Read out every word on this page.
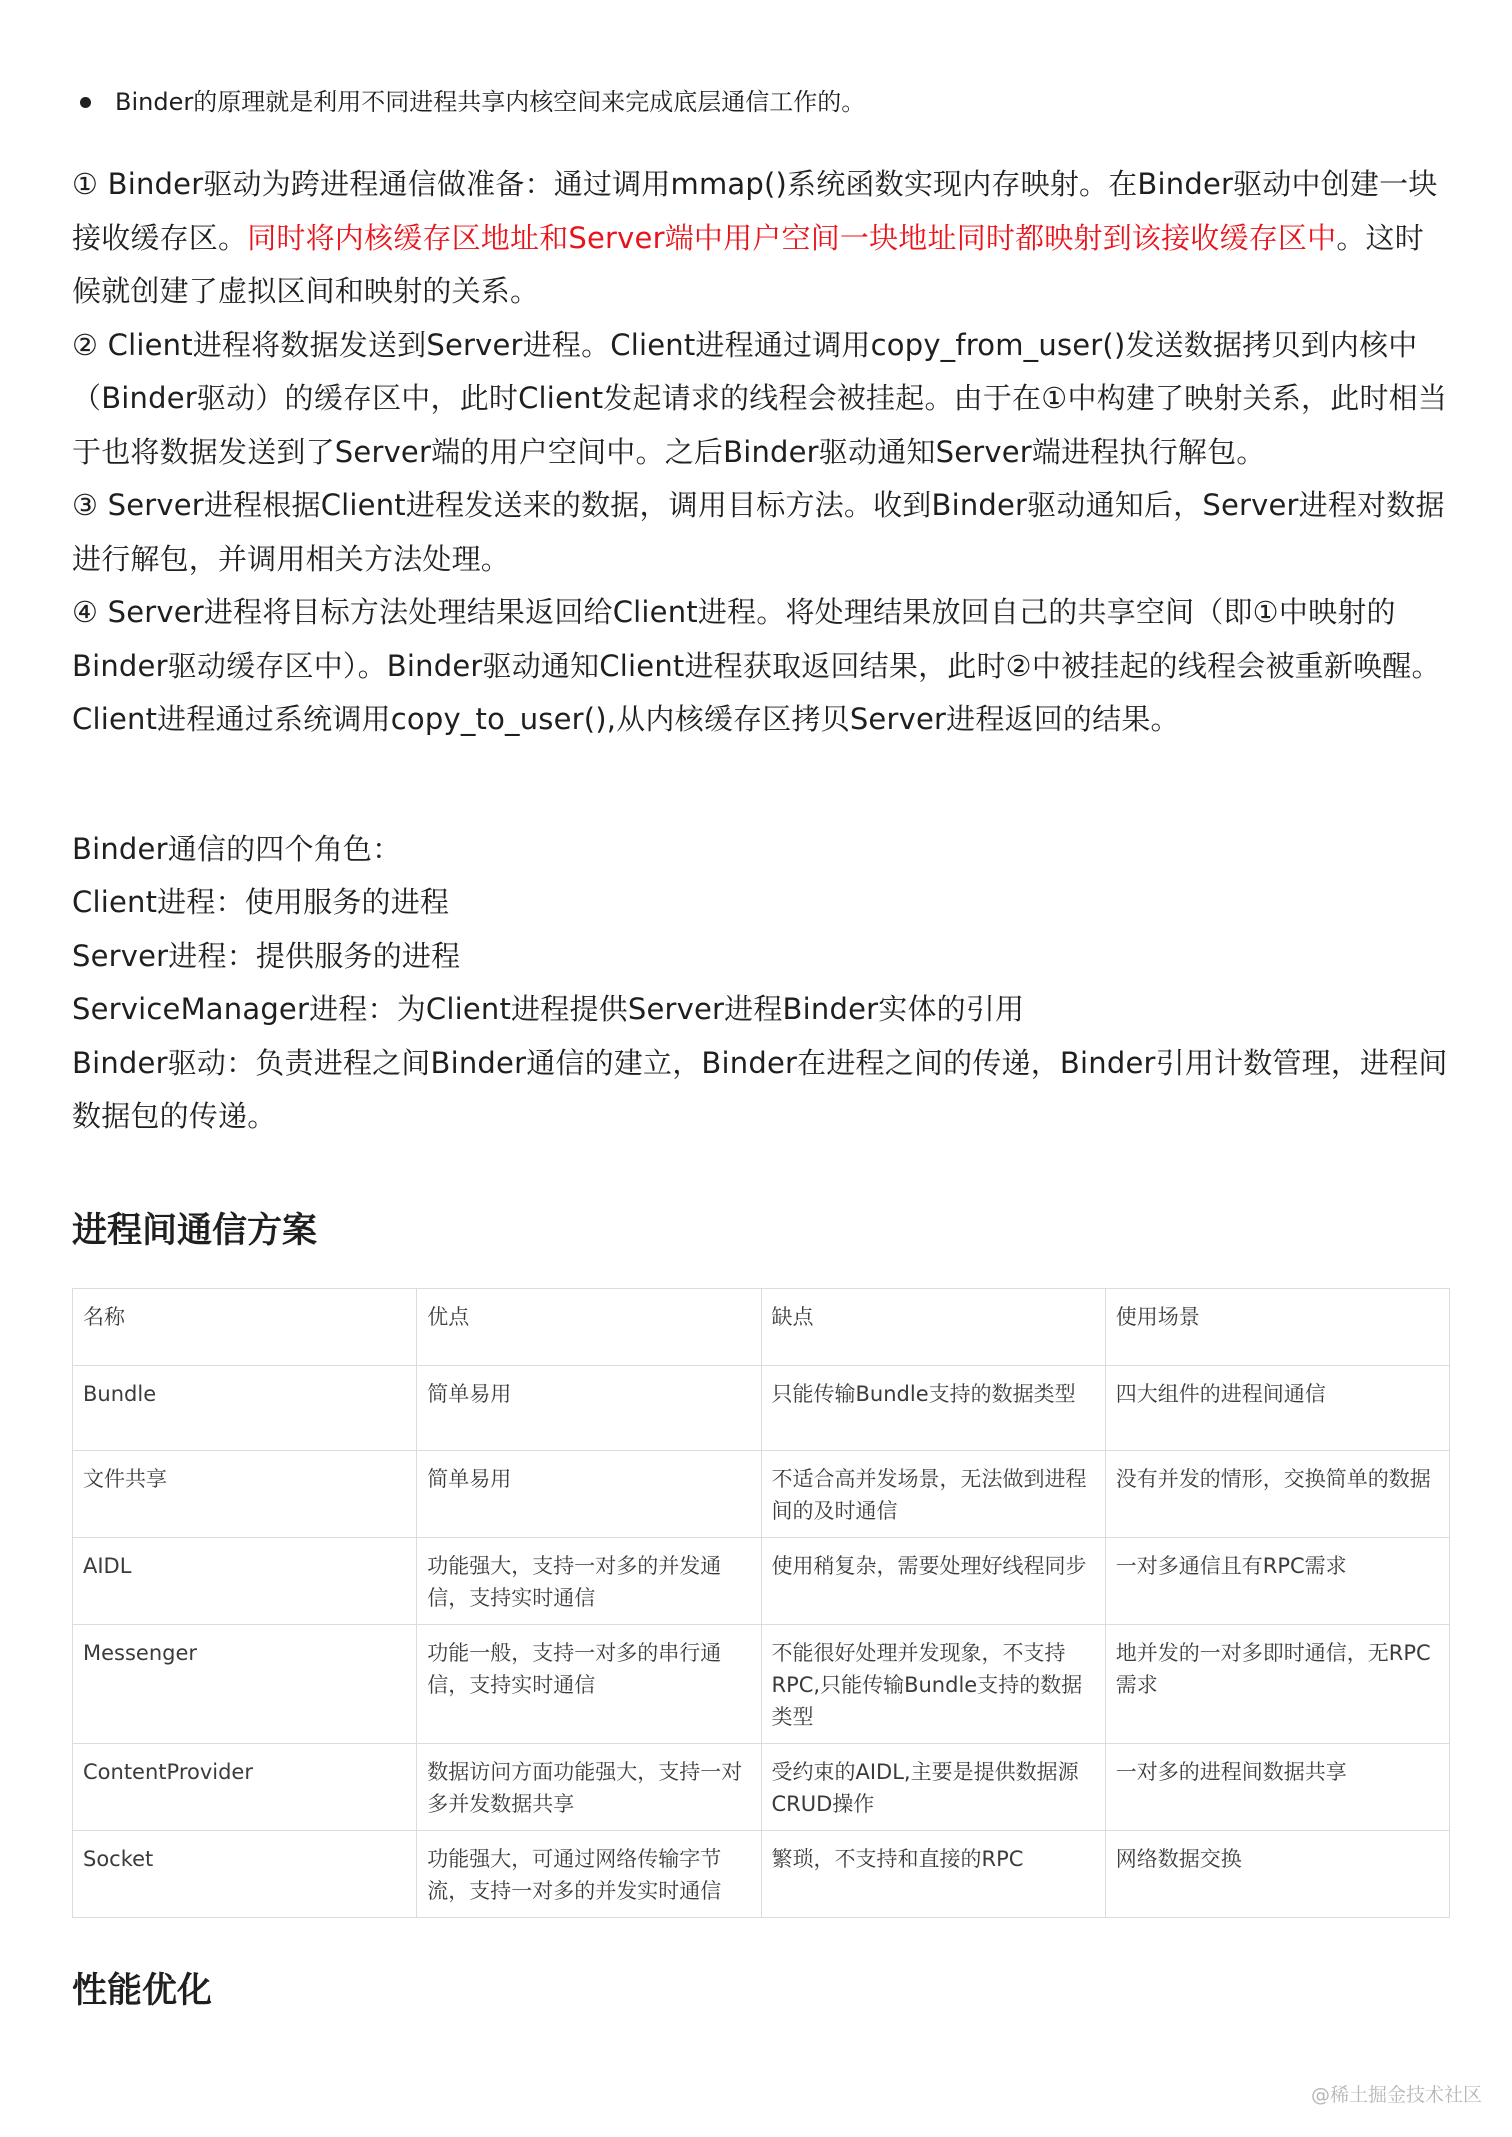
Binder的原理就是利用不同进程共享内核空间来完成底层通信工作的。

① Binder驱动为跨进程通信做准备：通过调用mmap()系统函数实现内存映射。在Binder驱动中创建一块接收缓存区。同时将内核缓存区地址和Server端中用户空间一块地址同时都映射到该接收缓存区中。这时候就创建了虚拟区间和映射的关系。

② Client进程将数据发送到Server进程。Client进程通过调用copy_from_user()发送数据拷贝到内核中（Binder驱动）的缓存区中，此时Client发起请求的线程会被挂起。由于在①中构建了映射关系，此时相当于也将数据发送到了Server端的用户空间中。之后Binder驱动通知Server端进程执行解包。

③ Server进程根据Client进程发送来的数据，调用目标方法。收到Binder驱动通知后，Server进程对数据进行解包，并调用相关方法处理。

④ Server进程将目标方法处理结果返回给Client进程。将处理结果放回自己的共享空间（即①中映射的Binder驱动缓存区中）。Binder驱动通知Client进程获取返回结果，此时②中被挂起的线程会被重新唤醒。Client进程通过系统调用copy_to_user(),从内核缓存区拷贝Server进程返回的结果。

Binder通信的四个角色：

Client进程：使用服务的进程

Server进程：提供服务的进程

ServiceManager进程：为Client进程提供Server进程Binder实体的引用

Binder驱动：负责进程之间Binder通信的建立，Binder在进程之间的传递，Binder引用计数管理，进程间数据包的传递。

进程间通信方案
名称	优点	缺点	使用场景
Bundle	简单易用	只能传输Bundle支持的数据类型	四大组件的进程间通信
文件共享	简单易用	不适合高并发场景，无法做到进程间的及时通信	没有并发的情形，交换简单的数据
AIDL	功能强大，支持一对多的并发通信，支持实时通信	使用稍复杂，需要处理好线程同步	一对多通信且有RPC需求
Messenger	功能一般，支持一对多的串行通信，支持实时通信	不能很好处理并发现象，不支持RPC,只能传输Bundle支持的数据类型	地并发的一对多即时通信，无RPC需求
ContentProvider	数据访问方面功能强大，支持一对多并发数据共享	受约束的AIDL,主要是提供数据源CRUD操作	一对多的进程间数据共享
Socket	功能强大，可通过网络传输字节流，支持一对多的并发实时通信	繁琐，不支持和直接的RPC	网络数据交换
性能优化
@稀土掘金技术社区
